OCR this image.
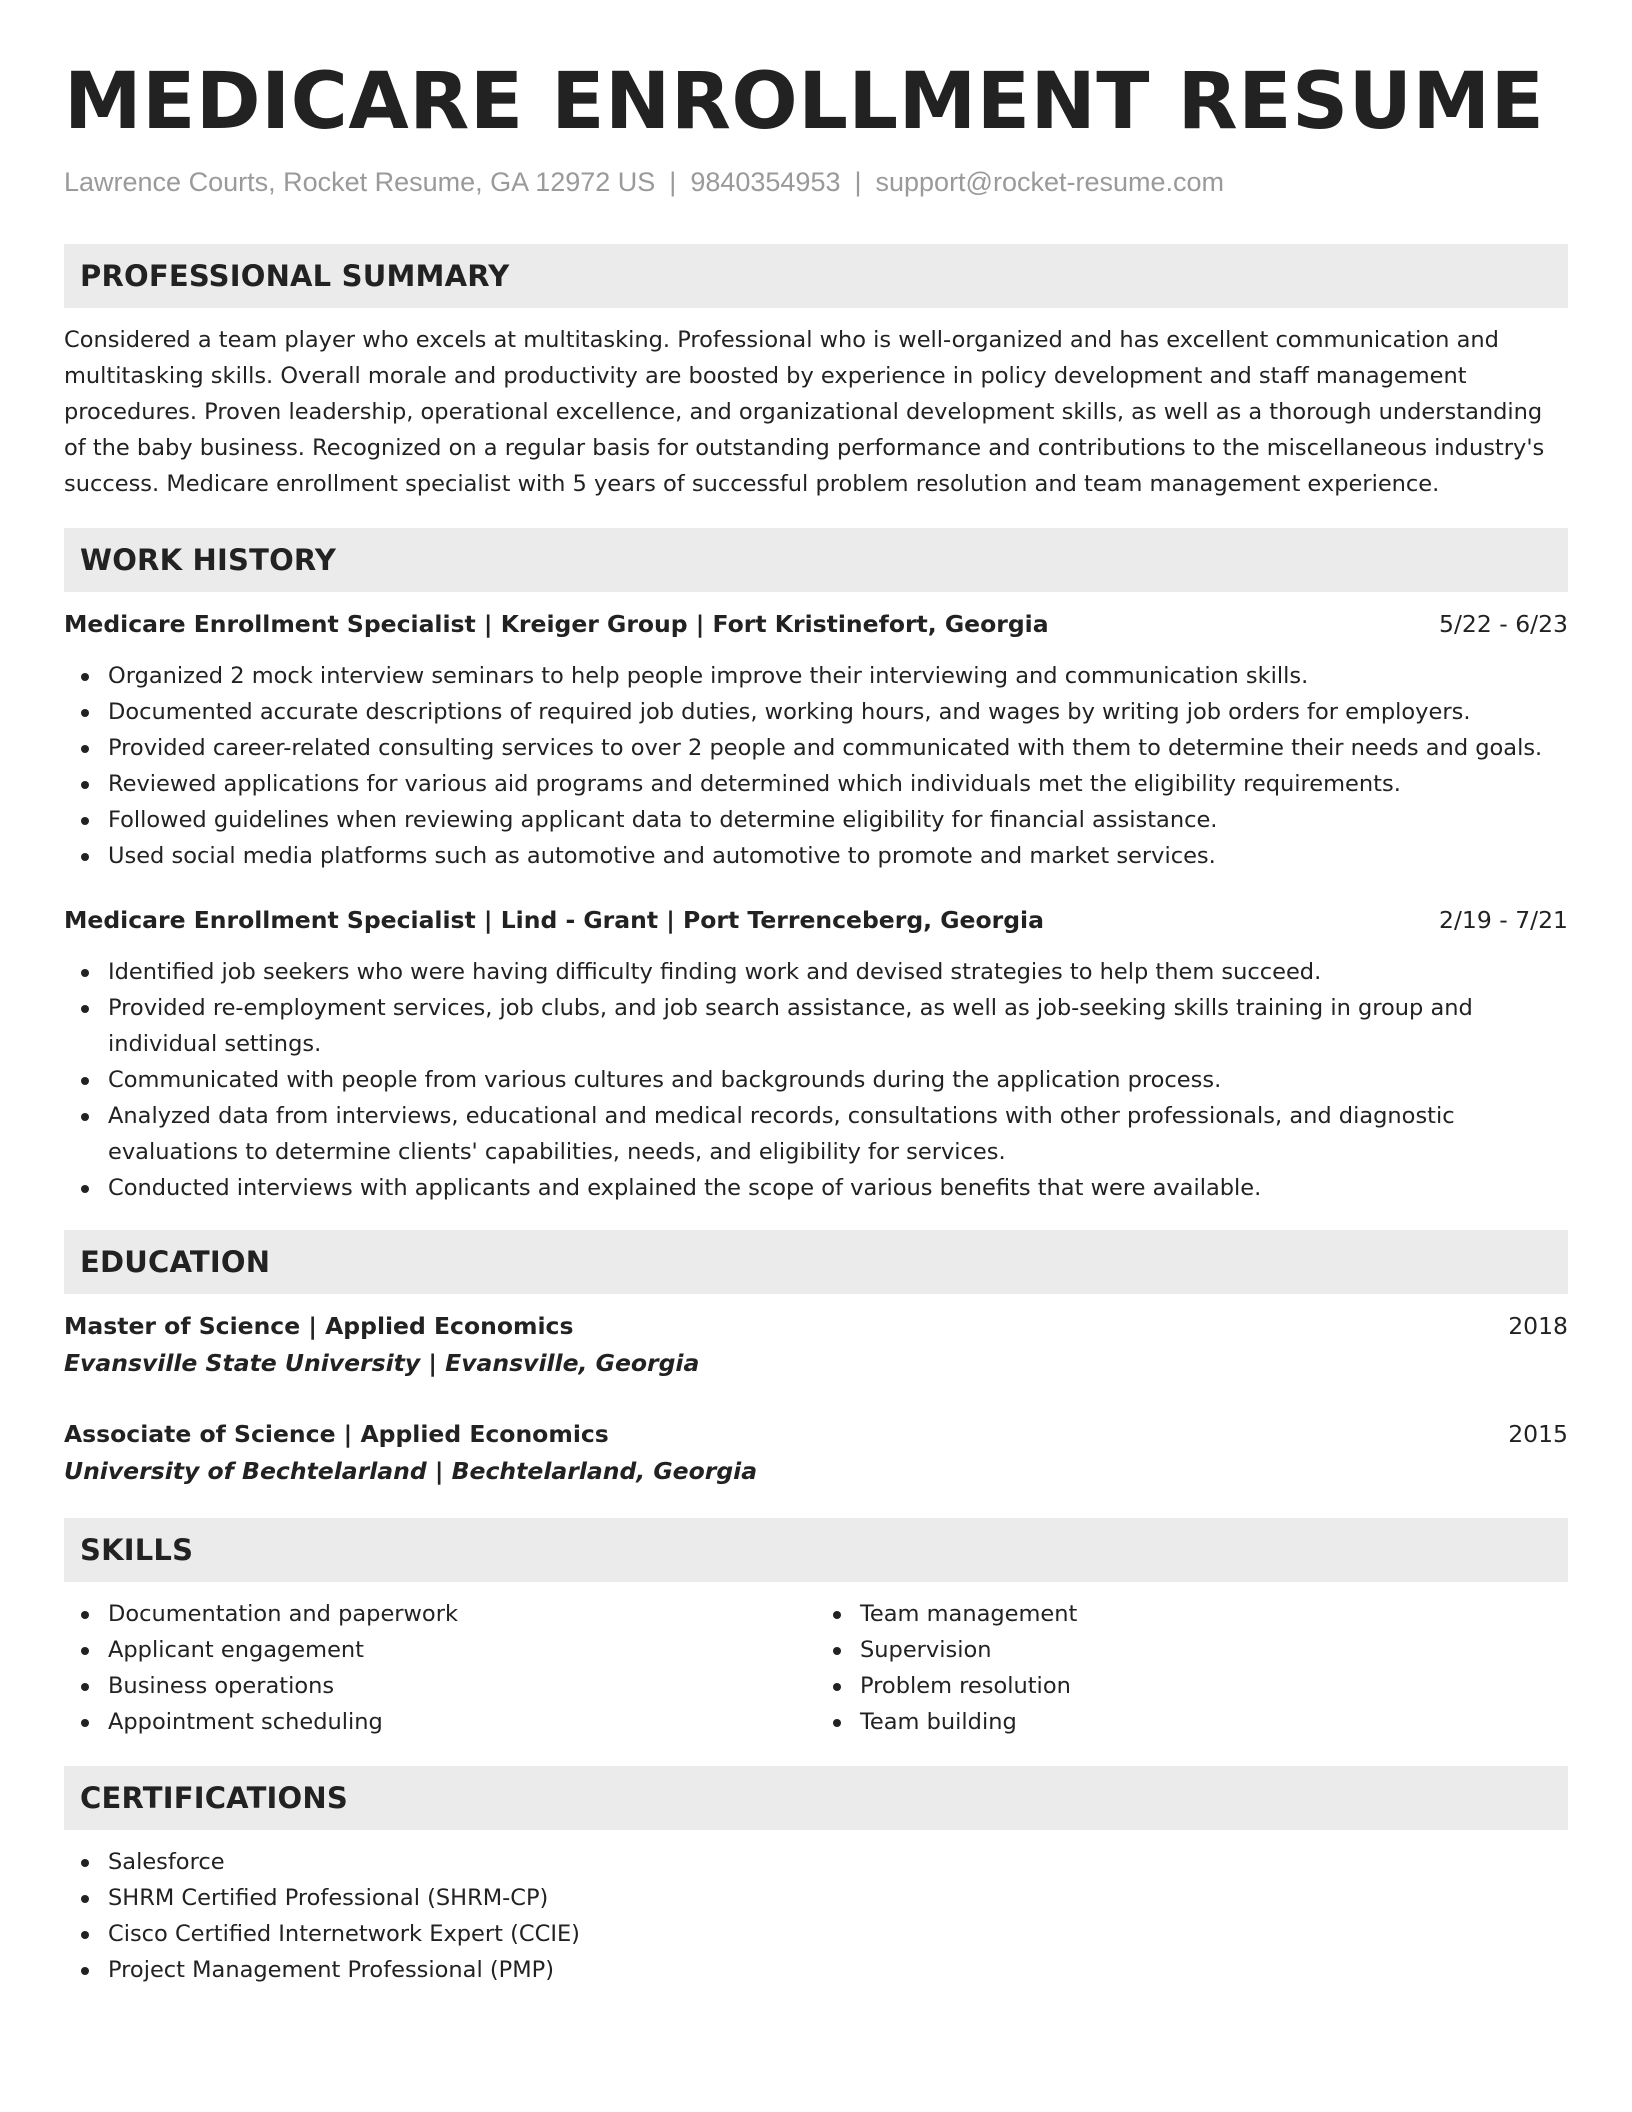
MEDICARE ENROLLMENT RESUME
Lawrence Courts, Rocket Resume, GA 12972 US | 9840354953 | support@rocket-resume.com
PROFESSIONAL SUMMARY

Considered a team player who excels at multitasking. Professional who is well-organized and has excellent communication and multitasking skills. Overall morale and productivity are boosted by experience in policy development and staff management procedures. Proven leadership, operational excellence, and organizational development skills, as well as a thorough understanding of the baby business. Recognized on a regular basis for outstanding performance and contributions to the miscellaneous industry's success. Medicare enrollment specialist with 5 years of successful problem resolution and team management experience.

WORK HISTORY
Medicare Enrollment Specialist | Kreiger Group | Fort Kristinefort, Georgia	5/22 - 6/23
Organized 2 mock interview seminars to help people improve their interviewing and communication skills.
Documented accurate descriptions of required job duties, working hours, and wages by writing job orders for employers.
Provided career-related consulting services to over 2 people and communicated with them to determine their needs and goals.
Reviewed applications for various aid programs and determined which individuals met the eligibility requirements.
Followed guidelines when reviewing applicant data to determine eligibility for financial assistance.
Used social media platforms such as automotive and automotive to promote and market services.
Medicare Enrollment Specialist | Lind - Grant | Port Terrenceberg, Georgia	2/19 - 7/21
Identified job seekers who were having difficulty finding work and devised strategies to help them succeed.
Provided re-employment services, job clubs, and job search assistance, as well as job-seeking skills training in group and individual settings.
Communicated with people from various cultures and backgrounds during the application process.
Analyzed data from interviews, educational and medical records, consultations with other professionals, and diagnostic evaluations to determine clients' capabilities, needs, and eligibility for services.
Conducted interviews with applicants and explained the scope of various benefits that were available.
EDUCATION
Master of Science | Applied Economics	2018
Evansville State University | Evansville, Georgia
Associate of Science | Applied Economics	2015
University of Bechtelarland | Bechtelarland, Georgia
SKILLS
Documentation and paperwork
Applicant engagement
Business operations
Appointment scheduling
Team management
Supervision
Problem resolution
Team building
CERTIFICATIONS
Salesforce
SHRM Certified Professional (SHRM-CP)
Cisco Certified Internetwork Expert (CCIE)
Project Management Professional (PMP)
